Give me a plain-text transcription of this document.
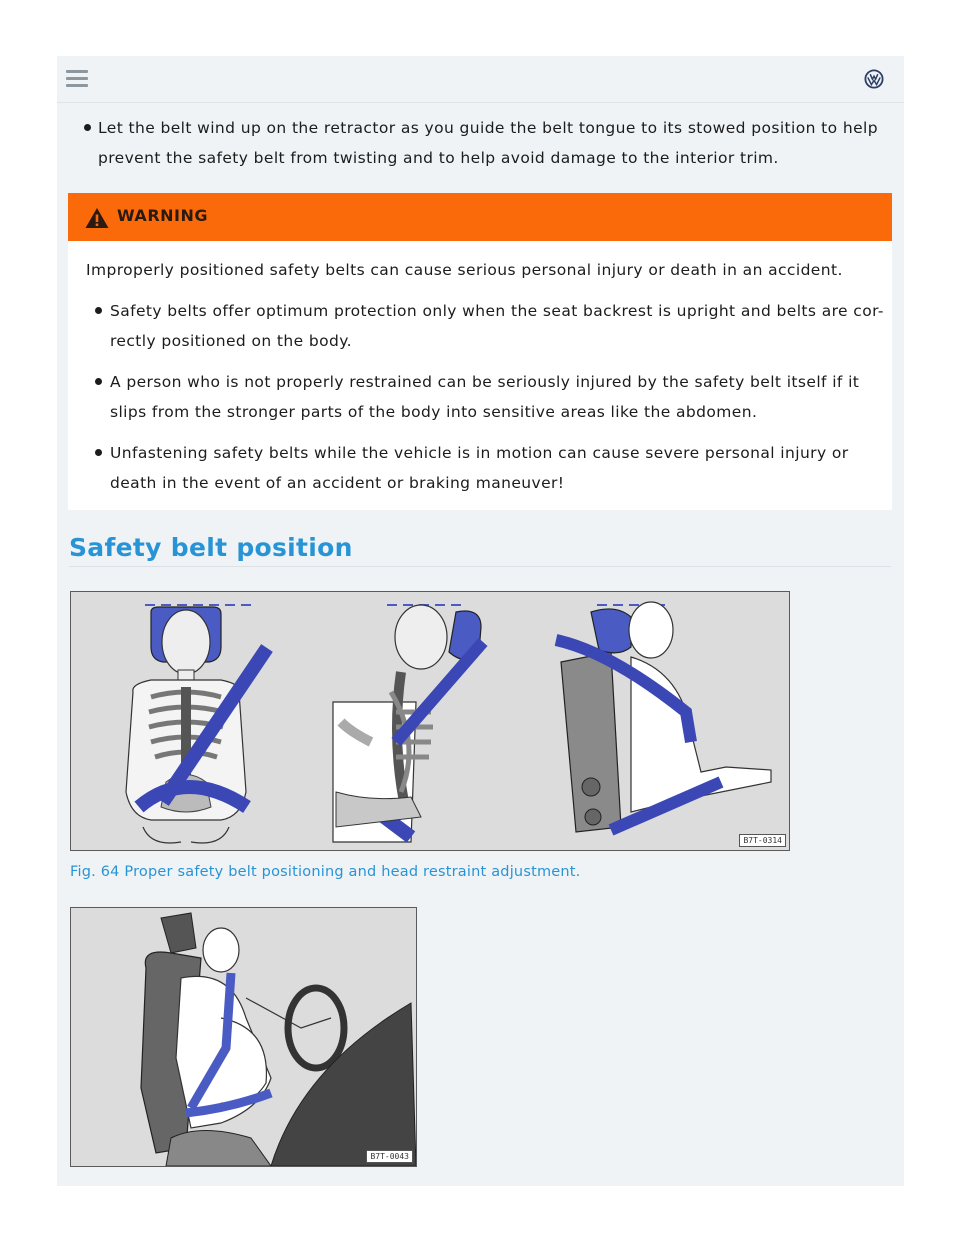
Let the belt wind up on the retractor as you guide the belt tongue to its stowed position to help
prevent the safety belt from twisting and to help avoid damage to the interior trim.
WARNING
Improperly positioned safety belts can cause serious personal injury or death in an accident.
Safety belts offer optimum protection only when the seat backrest is upright and belts are cor-
rectly positioned on the body.
A person who is not properly restrained can be seriously injured by the safety belt itself if it
slips from the stronger parts of the body into sensitive areas like the abdomen.
Unfastening safety belts while the vehicle is in motion can cause severe personal injury or
death in the event of an accident or braking maneuver!
Safety belt position
B7T-0314
Fig. 64 Proper safety belt positioning and head restraint adjustment.
B7T-0043
